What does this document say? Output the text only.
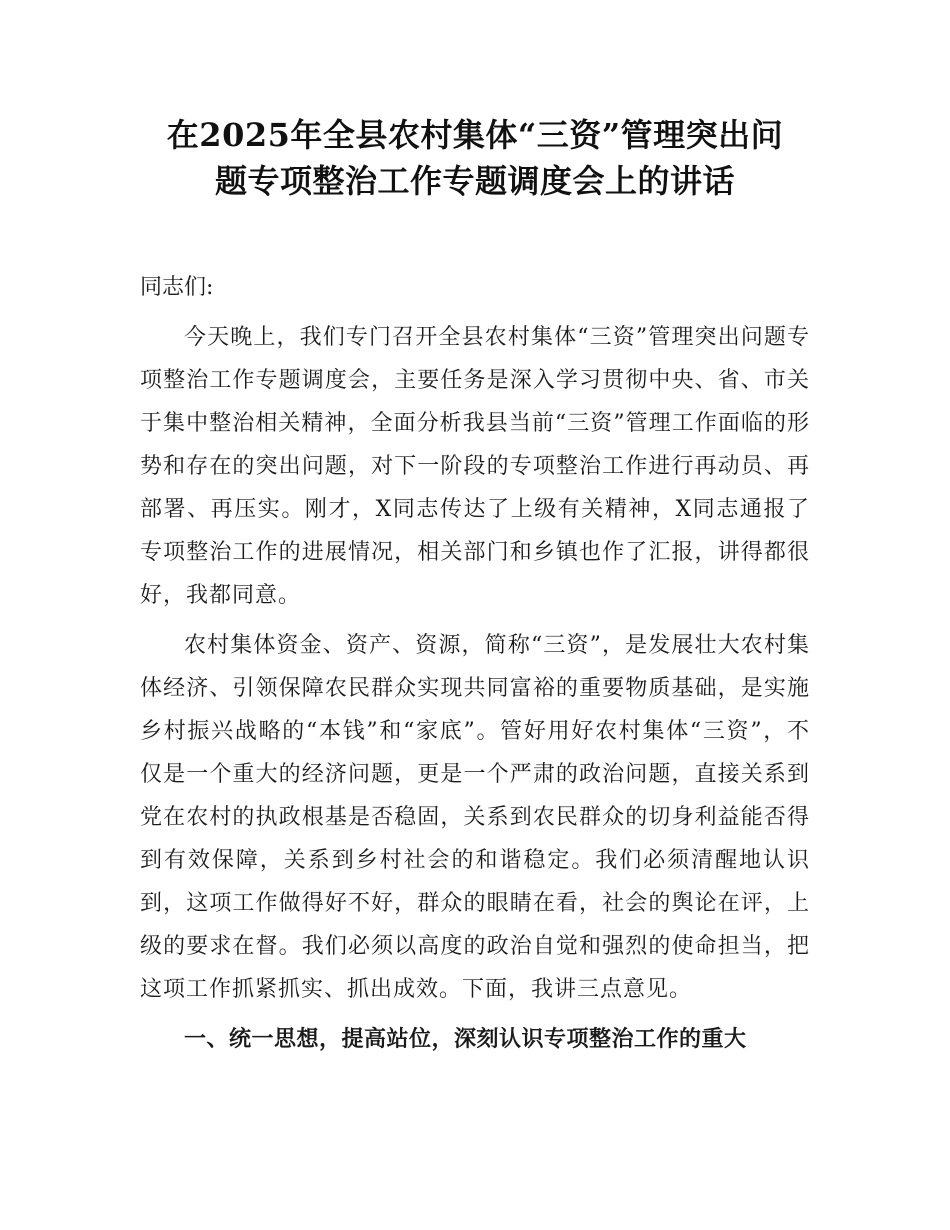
在2025年全县农村集体“三资”管理突出问
题专项整治工作专题调度会上的讲话

同志们:

今天晚上，我们专门召开全县农村集体“三资”管理突出问题专项整治工作专题调度会，主要任务是深入学习贯彻中央、省、市关于集中整治相关精神，全面分析我县当前“三资”管理工作面临的形势和存在的突出问题，对下一阶段的专项整治工作进行再动员、再部署、再压实。刚才，X同志传达了上级有关精神，X同志通报了专项整治工作的进展情况，相关部门和乡镇也作了汇报，讲得都很好，我都同意。

农村集体资金、资产、资源，简称“三资”，是发展壮大农村集体经济、引领保障农民群众实现共同富裕的重要物质基础，是实施乡村振兴战略的“本钱”和“家底”。管好用好农村集体“三资”，不仅是一个重大的经济问题，更是一个严肃的政治问题，直接关系到党在农村的执政根基是否稳固，关系到农民群众的切身利益能否得到有效保障，关系到乡村社会的和谐稳定。我们必须清醒地认识到，这项工作做得好不好，群众的眼睛在看，社会的舆论在评，上级的要求在督。我们必须以高度的政治自觉和强烈的使命担当，把这项工作抓紧抓实、抓出成效。下面，我讲三点意见。

一、统一思想，提高站位，深刻认识专项整治工作的重大
